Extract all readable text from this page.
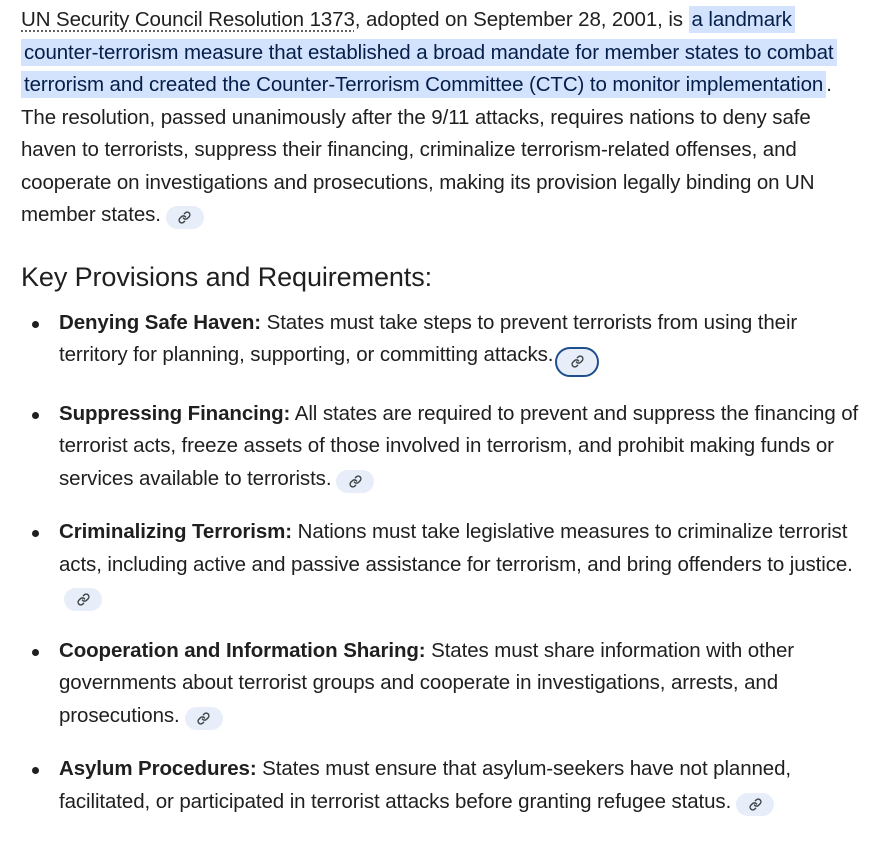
UN Security Council Resolution 1373, adopted on September 28, 2001, is a landmark counter-terrorism measure that established a broad mandate for member states to combat terrorism and created the Counter-Terrorism Committee (CTC) to monitor implementation . The resolution, passed unanimously after the 9/11 attacks, requires nations to deny safe haven to terrorists, suppress their financing, criminalize terrorism-related offenses, and cooperate on investigations and prosecutions, making its provision legally binding on UN member states.

Key Provisions and Requirements:
Denying Safe Haven: States must take steps to prevent terrorists from using their territory for planning, supporting, or committing attacks.
Suppressing Financing: All states are required to prevent and suppress the financing of terrorist acts, freeze assets of those involved in terrorism, and prohibit making funds or services available to terrorists.
Criminalizing Terrorism: Nations must take legislative measures to criminalize terrorist acts, including active and passive assistance for terrorism, and bring offenders to justice.
Cooperation and Information Sharing: States must share information with other governments about terrorist groups and cooperate in investigations, arrests, and prosecutions.
Asylum Procedures: States must ensure that asylum-seekers have not planned, facilitated, or participated in terrorist attacks before granting refugee status.
